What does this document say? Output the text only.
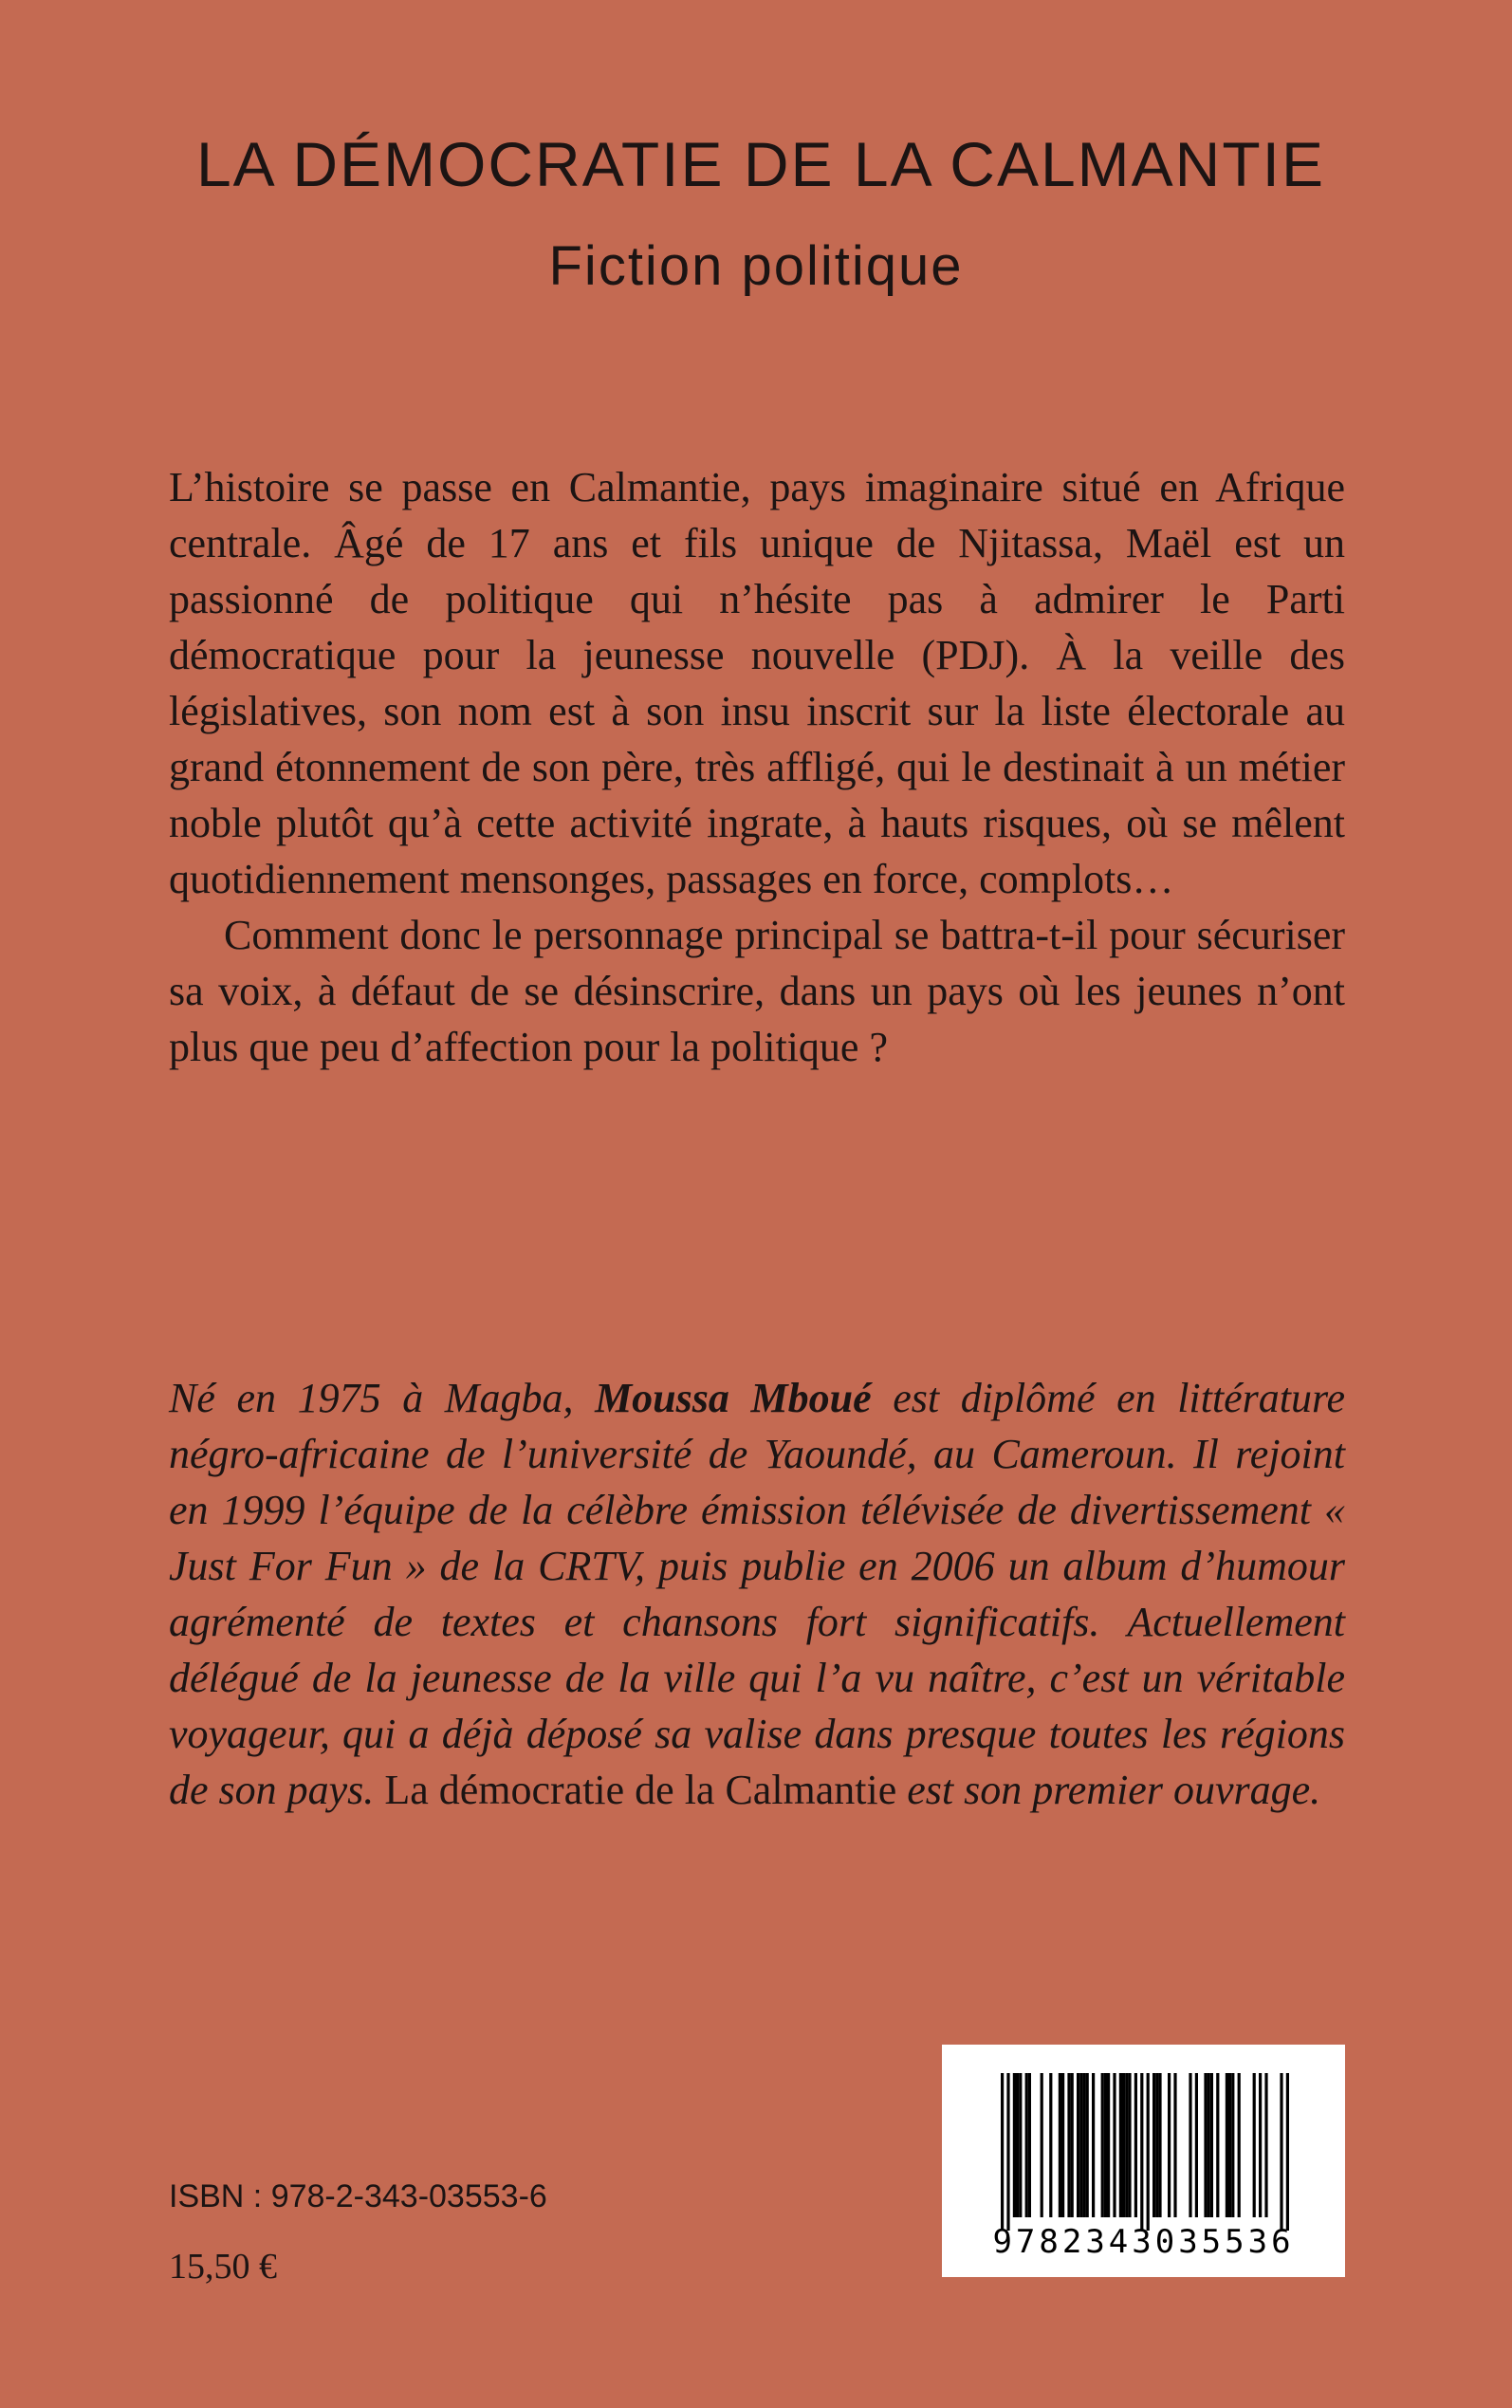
LA DÉMOCRATIE DE LA CALMANTIE
Fiction politique

L’histoire se passe en Calmantie, pays imaginaire situé en Afrique centrale. Âgé de 17 ans et fils unique de Njitassa, Maël est un passionné de politique qui n’hésite pas à admirer le Parti démocratique pour la jeunesse nouvelle (PDJ). À la veille des législatives, son nom est à son insu inscrit sur la liste électorale au grand étonnement de son père, très affligé, qui le destinait à un métier noble plutôt qu’à cette activité ingrate, à hauts risques, où se mêlent quotidiennement mensonges, passages en force, complots…

Comment donc le personnage principal se battra-t-il pour sécuriser sa voix, à défaut de se désinscrire, dans un pays où les jeunes n’ont plus que peu d’affection pour la politique ?

Né en 1975 à Magba, Moussa Mboué est diplômé en littérature négro-africaine de l’université de Yaoundé, au Cameroun. Il rejoint en 1999 l’équipe de la célèbre émission télévisée de divertissement « Just For Fun » de la CRTV, puis publie en 2006 un album d’humour agrémenté de textes et chansons fort significatifs. Actuellement délégué de la jeunesse de la ville qui l’a vu naître, c’est un véritable voyageur, qui a déjà déposé sa valise dans presque toutes les régions de son pays. La démocratie de la Calmantie est son premier ouvrage.

ISBN : 978-2-343-03553-6
15,50 €
9782343035536
